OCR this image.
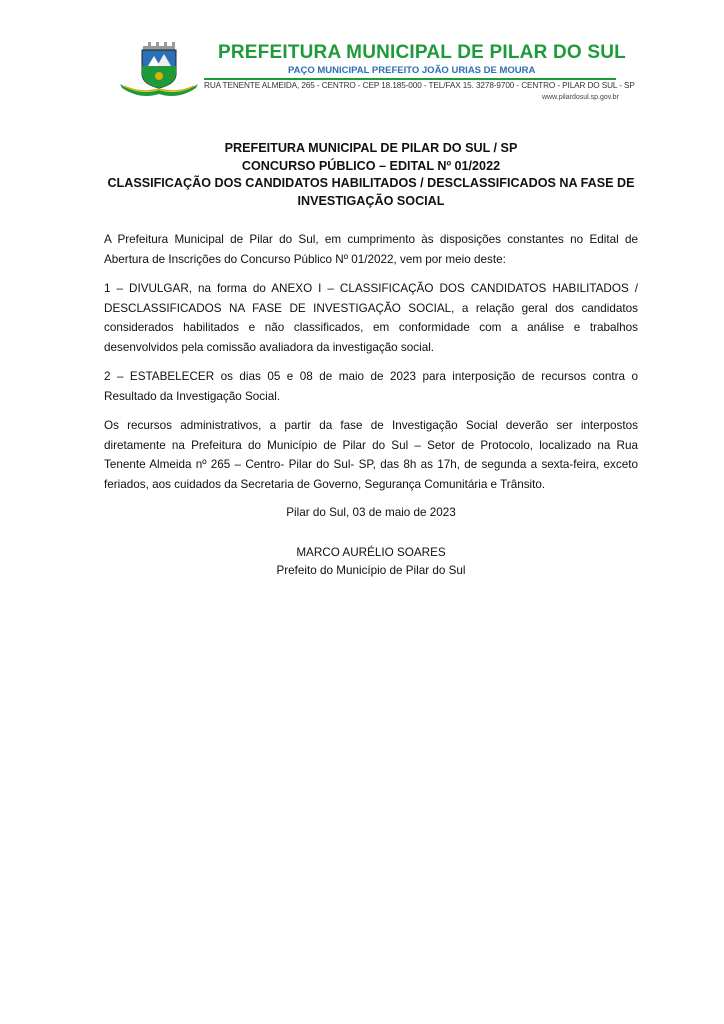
PREFEITURA MUNICIPAL DE PILAR DO SUL
PAÇO MUNICIPAL PREFEITO JOÃO URIAS DE MOURA
RUA TENENTE ALMEIDA, 265 - CENTRO - CEP 18.185-000 - TEL/FAX 15. 3278-9700 - CENTRO - PILAR DO SUL - SP
www.pilardosul.sp.gov.br
PREFEITURA MUNICIPAL DE PILAR DO SUL / SP
CONCURSO PÚBLICO – EDITAL Nº 01/2022
CLASSIFICAÇÃO DOS CANDIDATOS HABILITADOS / DESCLASSIFICADOS NA FASE DE
INVESTIGAÇÃO SOCIAL

A Prefeitura Municipal de Pilar do Sul, em cumprimento às disposições constantes no Edital de Abertura de Inscrições do Concurso Público Nº 01/2022, vem por meio deste:

1 – DIVULGAR, na forma do ANEXO I – CLASSIFICAÇÃO DOS CANDIDATOS HABILITADOS / DESCLASSIFICADOS NA FASE DE INVESTIGAÇÃO SOCIAL, a relação geral dos candidatos considerados habilitados e não classificados, em conformidade com a análise e trabalhos desenvolvidos pela comissão avaliadora da investigação social.

2 – ESTABELECER os dias 05 e 08 de maio de 2023 para interposição de recursos contra o Resultado da Investigação Social.

Os recursos administrativos, a partir da fase de Investigação Social deverão ser interpostos diretamente na Prefeitura do Município de Pilar do Sul – Setor de Protocolo, localizado na Rua Tenente Almeida nº 265 – Centro- Pilar do Sul- SP, das 8h as 17h, de segunda a sexta-feira, exceto feriados, aos cuidados da Secretaria de Governo, Segurança Comunitária e Trânsito.

Pilar do Sul, 03 de maio de 2023
MARCO AURÉLIO SOARES
Prefeito do Município de Pilar do Sul
